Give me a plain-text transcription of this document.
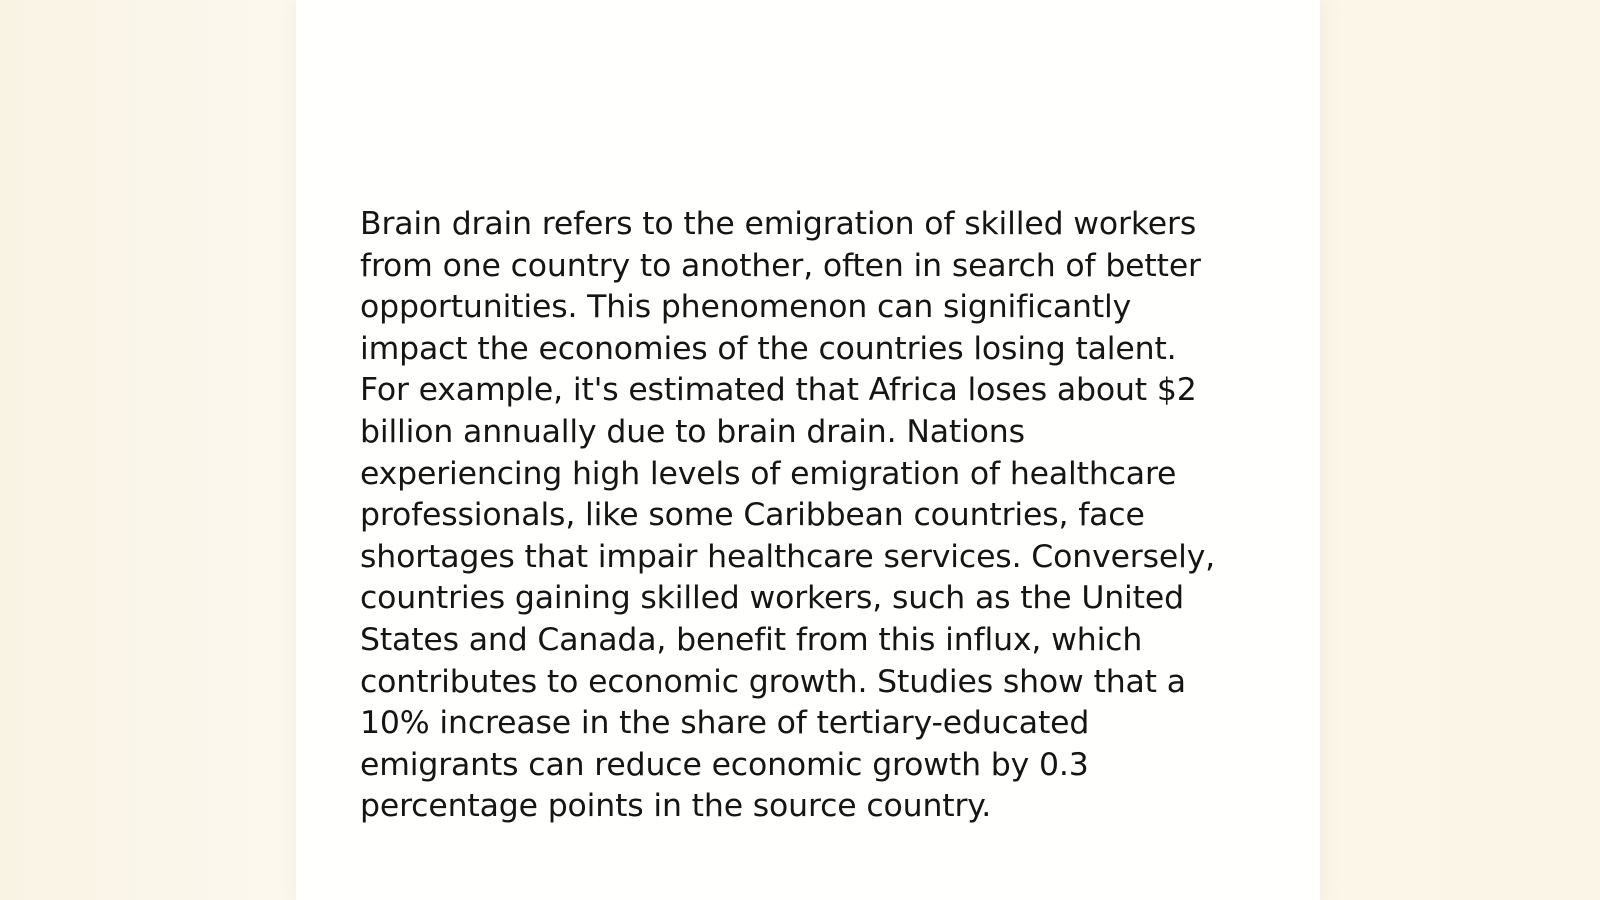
Brain drain refers to the emigration of skilled workers
from one country to another, often in search of better
opportunities. This phenomenon can significantly
impact the economies of the countries losing talent.
For example, it's estimated that Africa loses about $2
billion annually due to brain drain. Nations
experiencing high levels of emigration of healthcare
professionals, like some Caribbean countries, face
shortages that impair healthcare services. Conversely,
countries gaining skilled workers, such as the United
States and Canada, benefit from this influx, which
contributes to economic growth. Studies show that a
10% increase in the share of tertiary-educated
emigrants can reduce economic growth by 0.3
percentage points in the source country.
